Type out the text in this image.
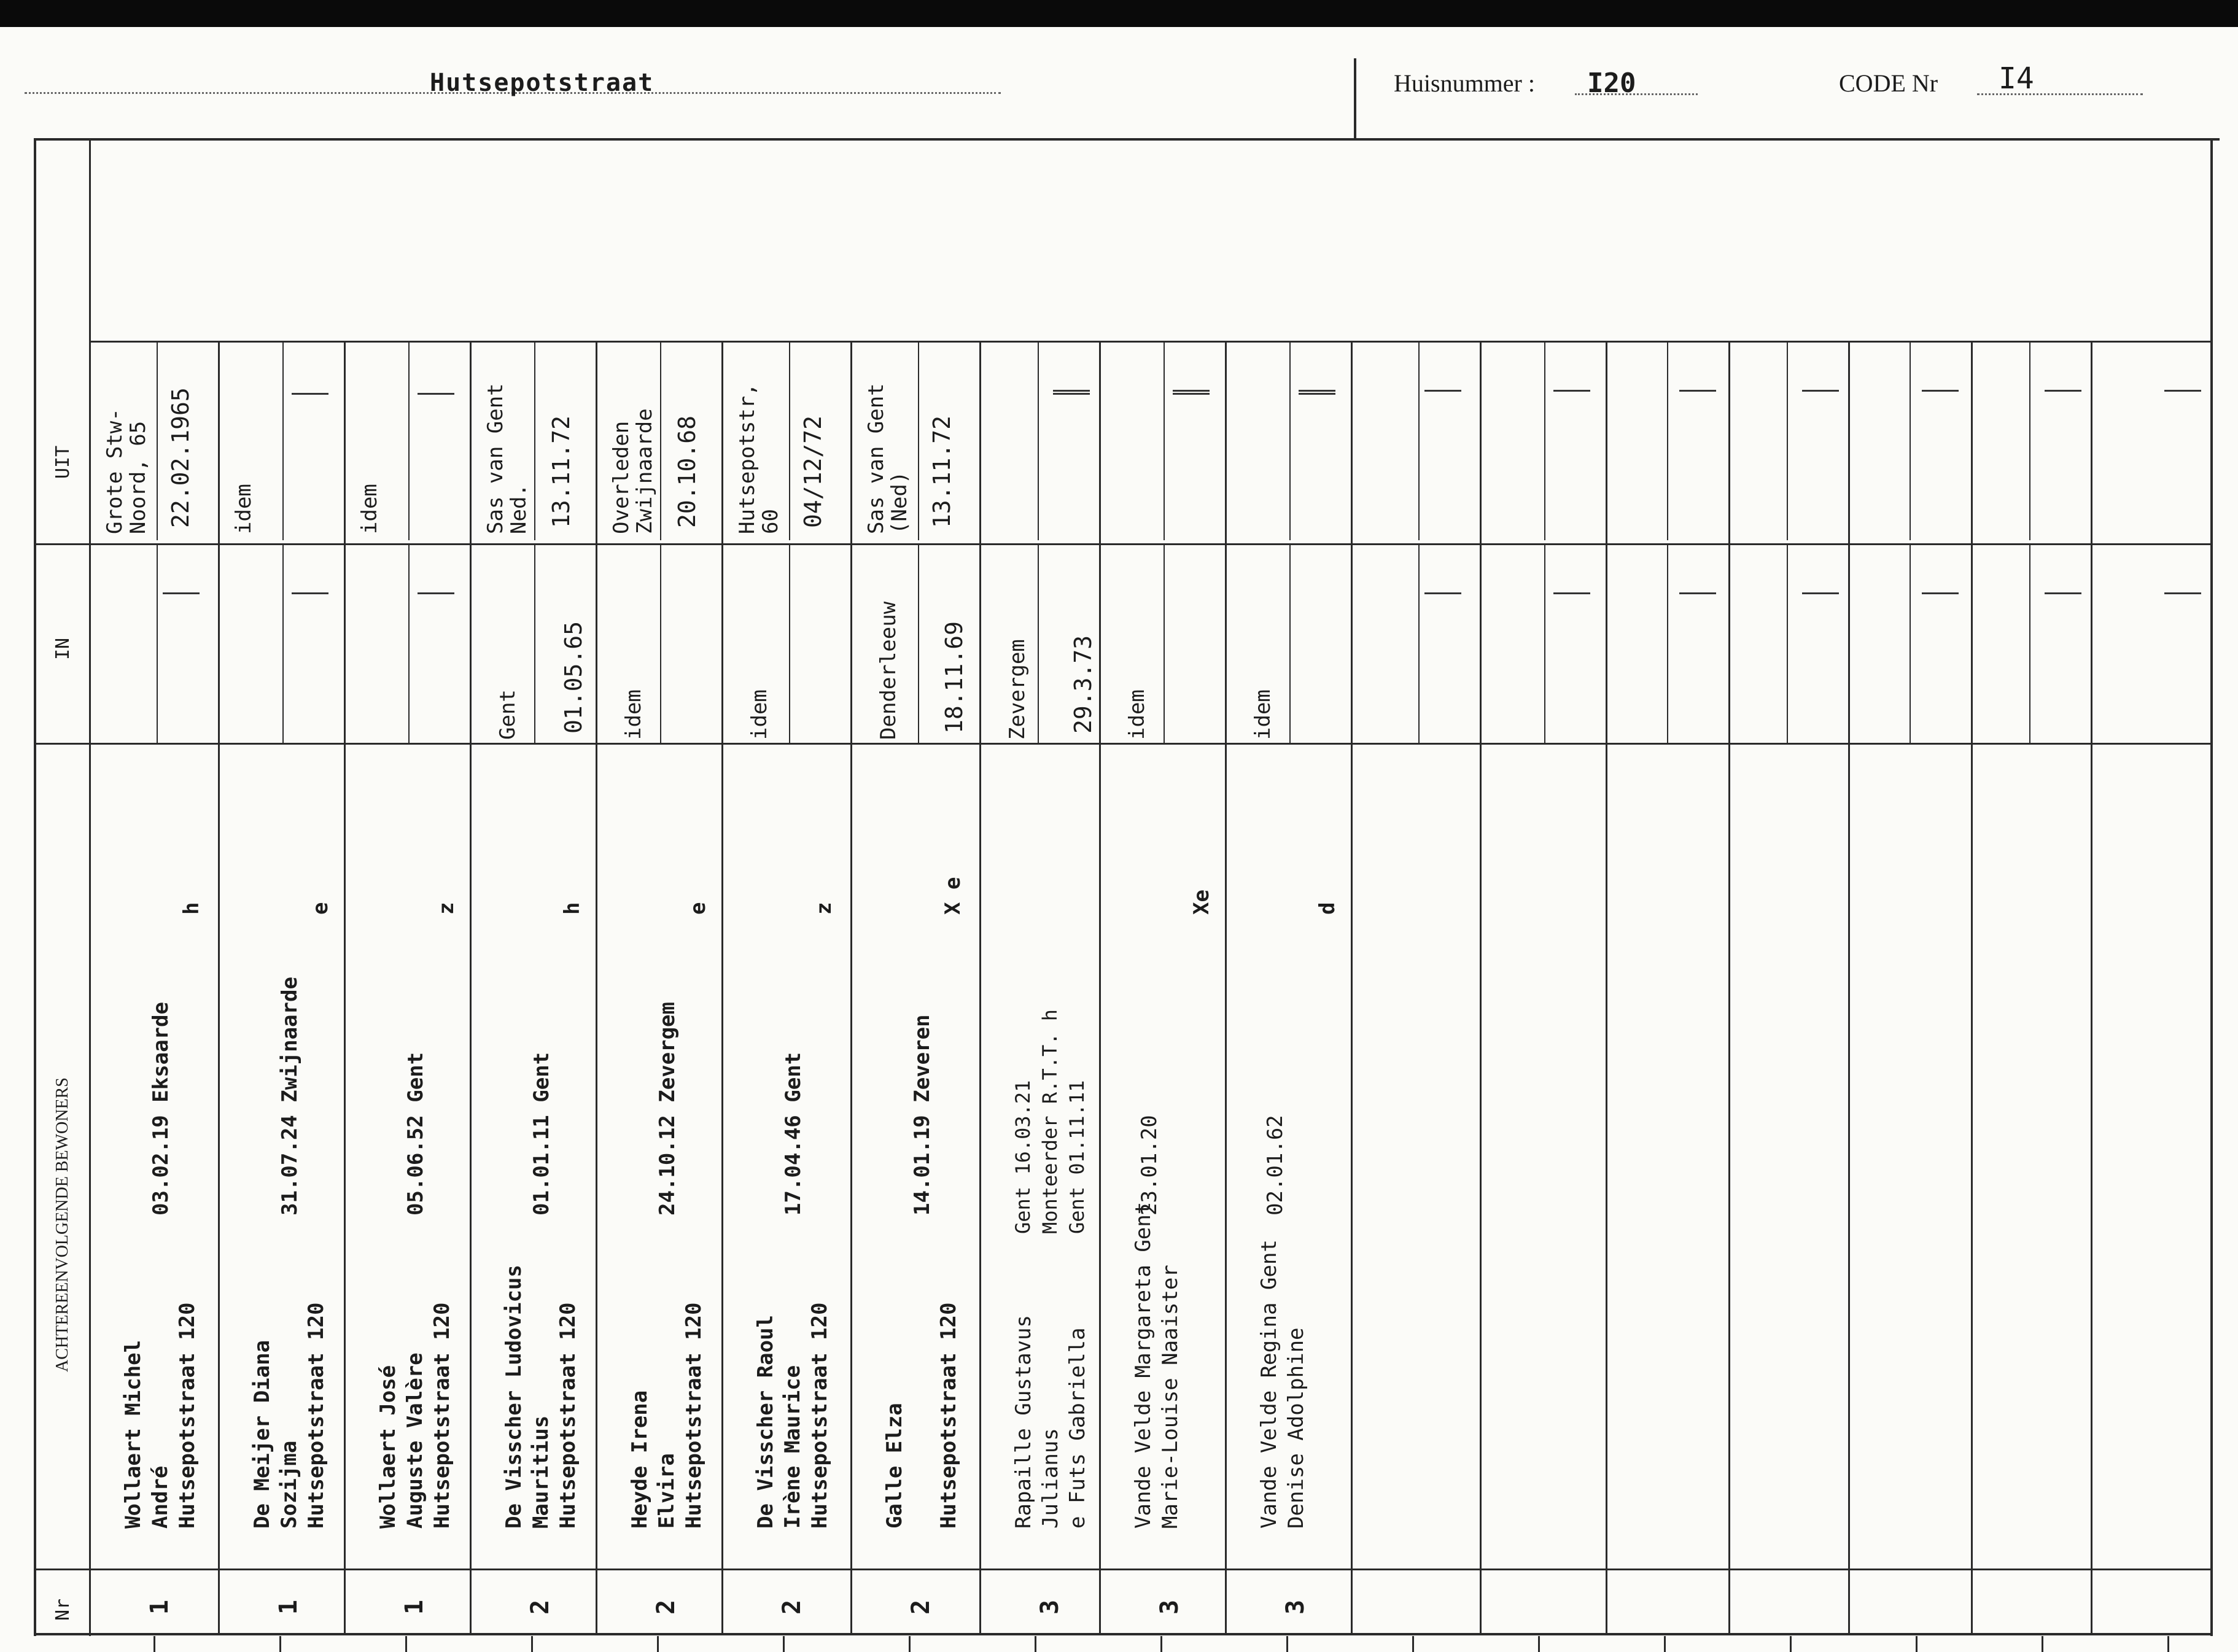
Hutsepotstraat	Huisnummer : I20	CODE Nr I4
Nr
ACHTEREENVOLGENDE BEWONERS
IN
UIT
1
Wollaert Michel André Hutsepotstraat 120
03.02.19 Eksaarde
h
Grote Stw-
Noord, 65 22.02.1965
1
De Meijer Diana Sozijma Hutsepotstraat 120
31.07.24 Zwijnaarde
e
idem
1
Wollaert José Auguste Valère Hutsepotstraat 120
05.06.52 Gent
z
idem
2
De Visscher Ludovicus Mauritius Hutsepotstraat 120
01.01.11 Gent
h
Gent 01.05.65
Sas van Gent
Ned. 13.11.72
2
Heyde Irena Elvira Hutsepotstraat 120
24.10.12 Zevergem
e
idem
Overleden
Zwijnaarde 20.10.68
2
De Visscher Raoul Irène Maurice Hutsepotstraat 120
17.04.46 Gent
z
idem
Hutsepotstr,
60 04/12/72
2
Galle Elza Hutsepotstraat 120
14.01.19 Zeveren
X e
Denderleeuw 18.11.69
Sas van Gent
(Ned) 13.11.72
3
Rapaille Gustavus Julianus e Futs Gabriella
Gent 16.03.21 Monteerder R.T.T. h Gent 01.11.11
Zevergem 29.3.73
3
Vande Velde Margareta Gent Marie-Louise Naaister
23.01.20
Xe
idem
3
Vande Velde Regina Gent Denise Adolphine
02.01.62
d
idem
